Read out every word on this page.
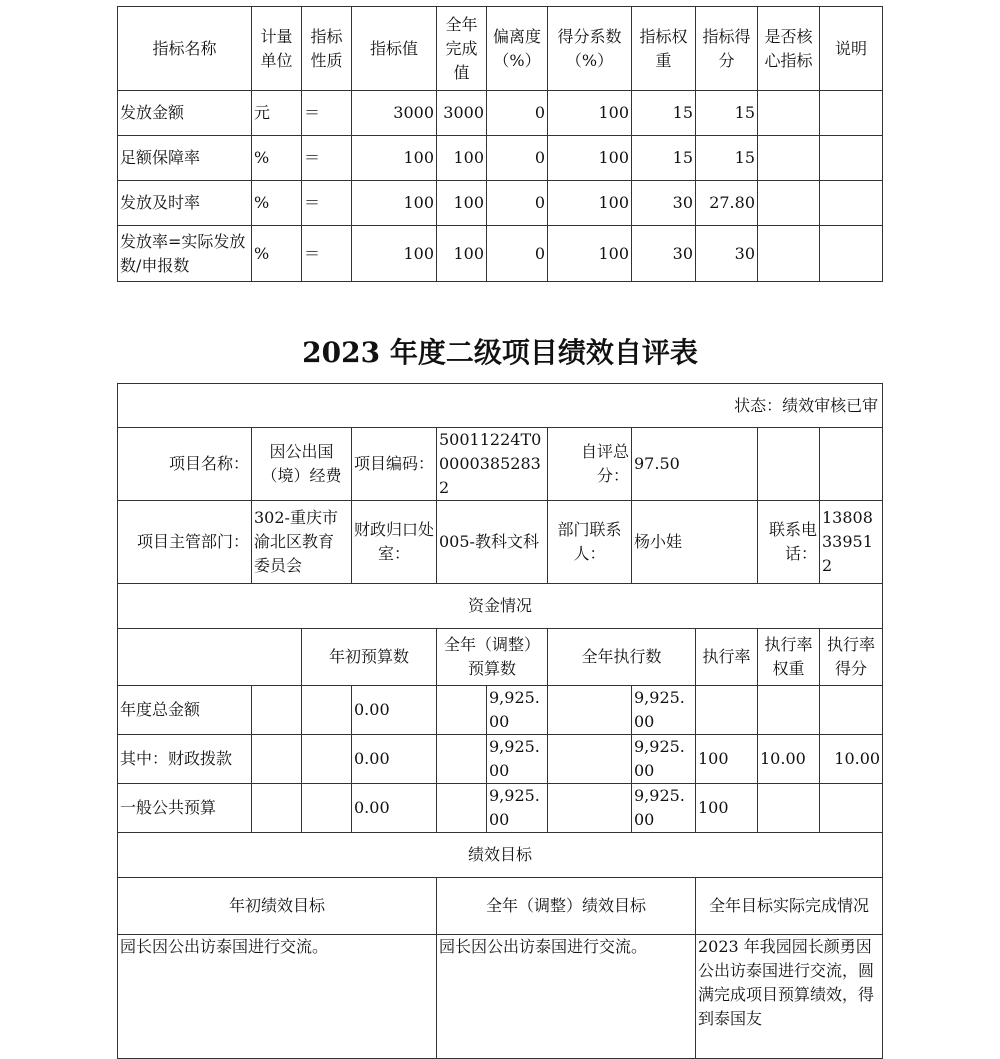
指标名称	计量单位	指标性质	指标值	全年完成值	偏离度（%）	得分系数（%）	指标权重	指标得分	是否核心指标	说明
发放金额	元	＝	3000	3000	0	100	15	15		
足额保障率	%	＝	100	100	0	100	15	15		
发放及时率	%	＝	100	100	0	100	30	27.80		
发放率=实际发放数/申报数	%	＝	100	100	0	100	30	30		
2023 年度二级项目绩效自评表
状态：绩效审核已审										
项目名称：	因公出国（境）经费		项目编码：	500112​24T00​0003852832		自评总分：	97.50			
项目主管部门：	302-重庆市渝北区教育委员会		财政归口处室：	005-教科文科		部门联系人：	杨小娃		联系电话：	13808339512
资金情况										
		年初预算数		全年（调整）预算数		全年执行数		执行率	执行率权重	执行率得分
年度总金额			0.00		9,925.00		9,925.00			
其中：财政拨款			0.00		9,925.00		9,925.00	100	10.00	10.00
一般公共预算			0.00		9,925.00		9,925.00	100		
绩效目标										
年初绩效目标				全年（调整）绩效目标				全年目标实际完成情况		
园长因公出访泰国进行交流。				园长因公出访泰国进行交流。				2023 年我园园长颜勇因公出访泰国进行交流，圆满完成项目预算绩效，得到泰国友		
